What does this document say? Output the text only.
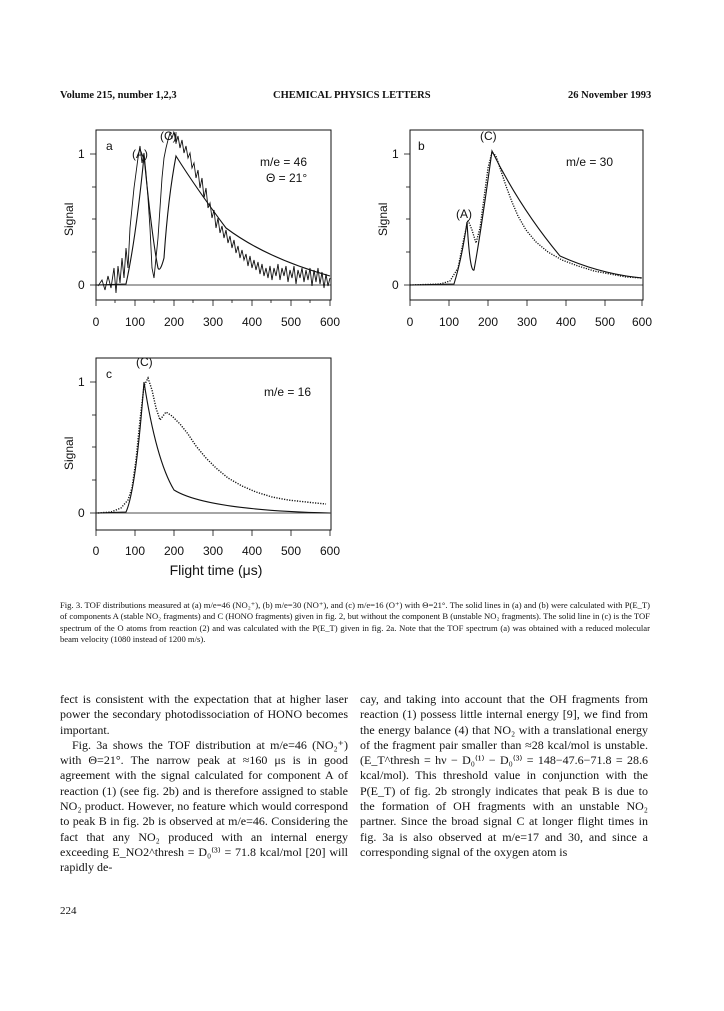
Volume 215, number 1,2,3	CHEMICAL PHYSICS LETTERS	26 November 1993
a
(A)
(C)
m/e = 46
Θ = 21°
1
0
Signal
0 100 200 300 400 500 600
b
(A)
(C)
m/e = 30
1
0
Signal
0 100 200 300 400 500 600
c
(C)
m/e = 16
1
0
Signal
0 100 200 300 400 500 600
Flight time (μs)

Fig. 3. TOF distributions measured at (a) m/e=46 (NO₂⁺), (b) m/e=30 (NO⁺), and (c) m/e=16 (O⁺) with Θ=21°. The solid lines in (a) and (b) were calculated with P(E_T) of components A (stable NO₂ fragments) and C (HONO fragments) given in fig. 2, but without the component B (unstable NO₂ fragments). The solid line in (c) is the TOF spectrum of the O atoms from reaction (2) and was calculated with the P(E_T) given in fig. 2a. Note that the TOF spectrum (a) was obtained with a reduced molecular beam velocity (1080 instead of 1200 m/s).

fect is consistent with the expectation that at higher laser power the secondary photodissociation of HONO becomes important.

Fig. 3a shows the TOF distribution at m/e=46 (NO₂⁺) with Θ=21°. The narrow peak at ≈160 μs is in good agreement with the signal calculated for component A of reaction (1) (see fig. 2b) and is therefore assigned to stable NO₂ product. However, no feature which would correspond to peak B in fig. 2b is observed at m/e=46. Considering the fact that any NO₂ produced with an internal energy exceeding E_NO2^thresh = D₀⁽³⁾ = 71.8 kcal/mol [20] will rapidly de-

cay, and taking into account that the OH fragments from reaction (1) possess little internal energy [9], we find from the energy balance (4) that NO₂ with a translational energy of the fragment pair smaller than ≈28 kcal/mol is unstable. (E_T^thresh = hν − D₀⁽¹⁾ − D₀⁽³⁾ = 148−47.6−71.8 = 28.6 kcal/mol). This threshold value in conjunction with the P(E_T) of fig. 2b strongly indicates that peak B is due to the formation of OH fragments with an unstable NO₂ partner. Since the broad signal C at longer flight times in fig. 3a is also observed at m/e=17 and 30, and since a corresponding signal of the oxygen atom is

224
